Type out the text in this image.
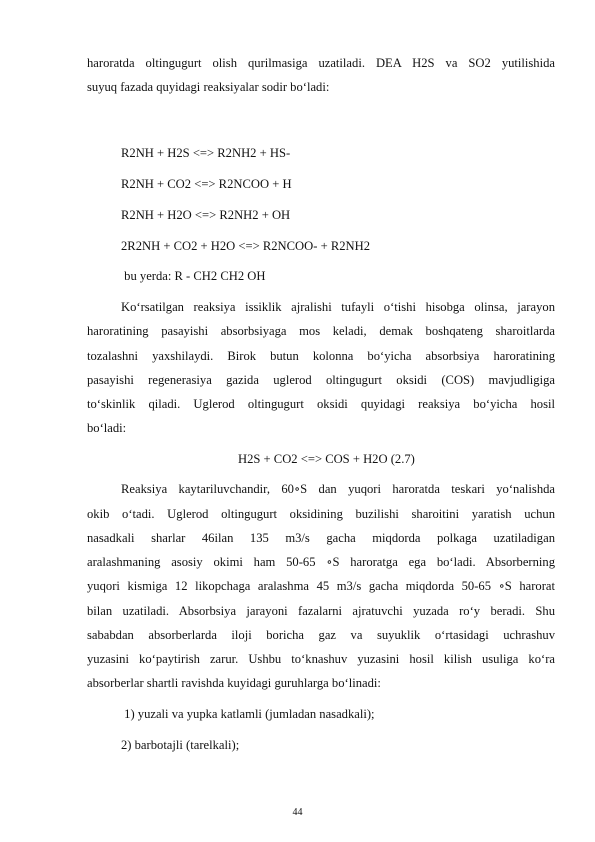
haroratda oltingugurt olish qurilmasiga uzatiladi. DEA H2S va SO2 yutilishida
suyuq fazada quyidagi reaksiyalar sodir bo‘ladi:
R2NH + H2S <=> R2NH2 + HS-
R2NH + CO2 <=> R2NCOO + H
R2NH + H2O <=> R2NH2 + OH
2R2NH + CO2 + H2O <=> R2NCOO- + R2NH2
bu yerda: R - CH2 CH2 OH
Ko‘rsatilgan reaksiya issiklik ajralishi tufayli o‘tishi hisobga olinsa, jarayon
haroratining pasayishi absorbsiyaga mos keladi, demak boshqateng sharoitlarda
tozalashni yaxshilaydi. Birok butun kolonna bo‘yicha absorbsiya haroratining
pasayishi regenerasiya gazida uglerod oltingugurt oksidi (COS) mavjudligiga
to‘skinlik qiladi. Uglerod oltingugurt oksidi quyidagi reaksiya bo‘yicha hosil
bo‘ladi:
H2S + CO2 <=> COS + H2O (2.7)
Reaksiya kaytariluvchandir, 60∘S dan yuqori haroratda teskari yo‘nalishda
okib o‘tadi. Uglerod oltingugurt oksidining buzilishi sharoitini yaratish uchun
nasadkali sharlar 46ilan 135 m3/s gacha miqdorda polkaga uzatiladigan
aralashmaning asosiy okimi ham 50-65 ∘S haroratga ega bo‘ladi. Absorberning
yuqori kismiga 12 likopchaga aralashma 45 m3/s gacha miqdorda 50-65 ∘S harorat
bilan uzatiladi. Absorbsiya jarayoni fazalarni ajratuvchi yuzada ro‘y beradi. Shu
sababdan absorberlarda iloji boricha gaz va suyuklik o‘rtasidagi uchrashuv
yuzasini ko‘paytirish zarur. Ushbu to‘knashuv yuzasini hosil kilish usuliga ko‘ra
absorberlar shartli ravishda kuyidagi guruhlarga bo‘linadi:
1) yuzali va yupka katlamli (jumladan nasadkali);
2) barbotajli (tarelkali);
44
